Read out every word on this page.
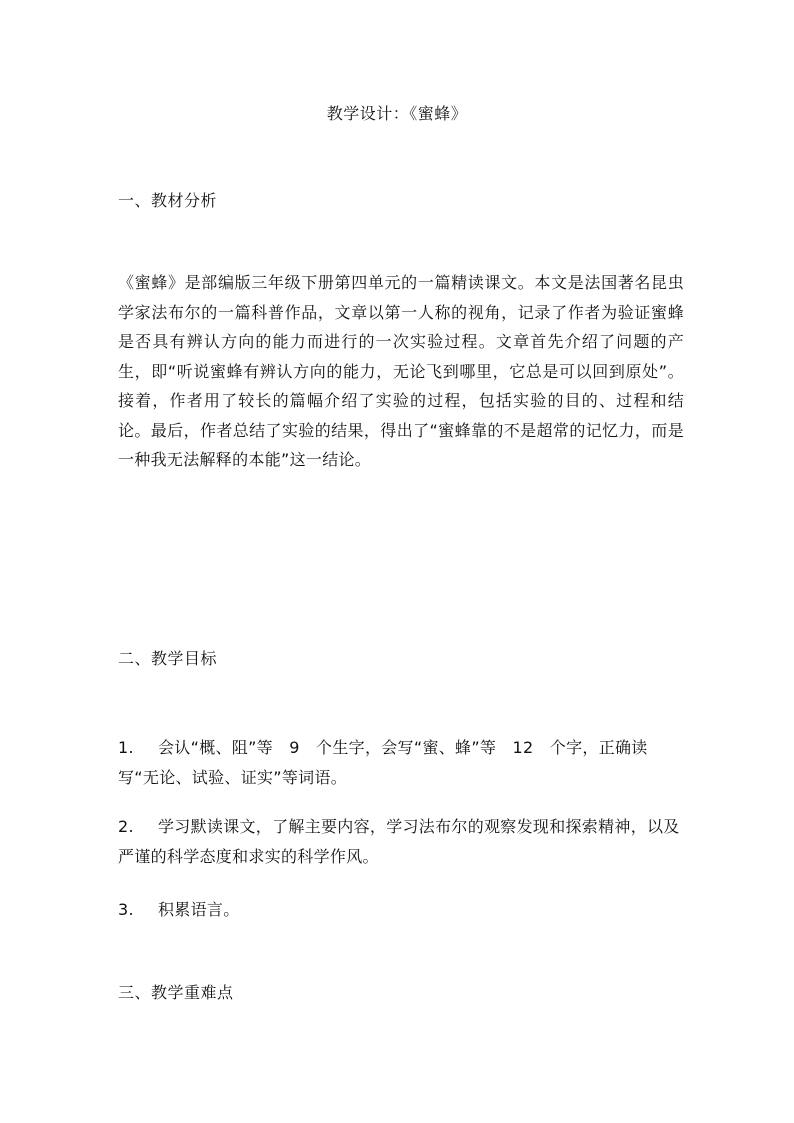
教学设计：《蜜蜂》
一、教材分析

《蜜蜂》是部编版三年级下册第四单元的一篇精读课文。本文是法国著名昆虫学家法布尔的一篇科普作品，文章以第一人称的视角，记录了作者为验证蜜蜂是否具有辨认方向的能力而进行的一次实验过程。文章首先介绍了问题的产生，即“听说蜜蜂有辨认方向的能力，无论飞到哪里，它总是可以回到原处”。接着，作者用了较长的篇幅介绍了实验的过程，包括实验的目的、过程和结论。最后，作者总结了实验的结果，得出了“蜜蜂靠的不是超常的记忆力，而是一种我无法解释的本能”这一结论。

二、教学目标
1. 会认“概、阻”等　9　个生字，会写“蜜、蜂”等　12　个字，正确读写“无论、试验、证实”等词语。
2. 学习默读课文，了解主要内容，学习法布尔的观察发现和探索精神，以及严谨的科学态度和求实的科学作风。
3. 积累语言。
三、教学重难点
